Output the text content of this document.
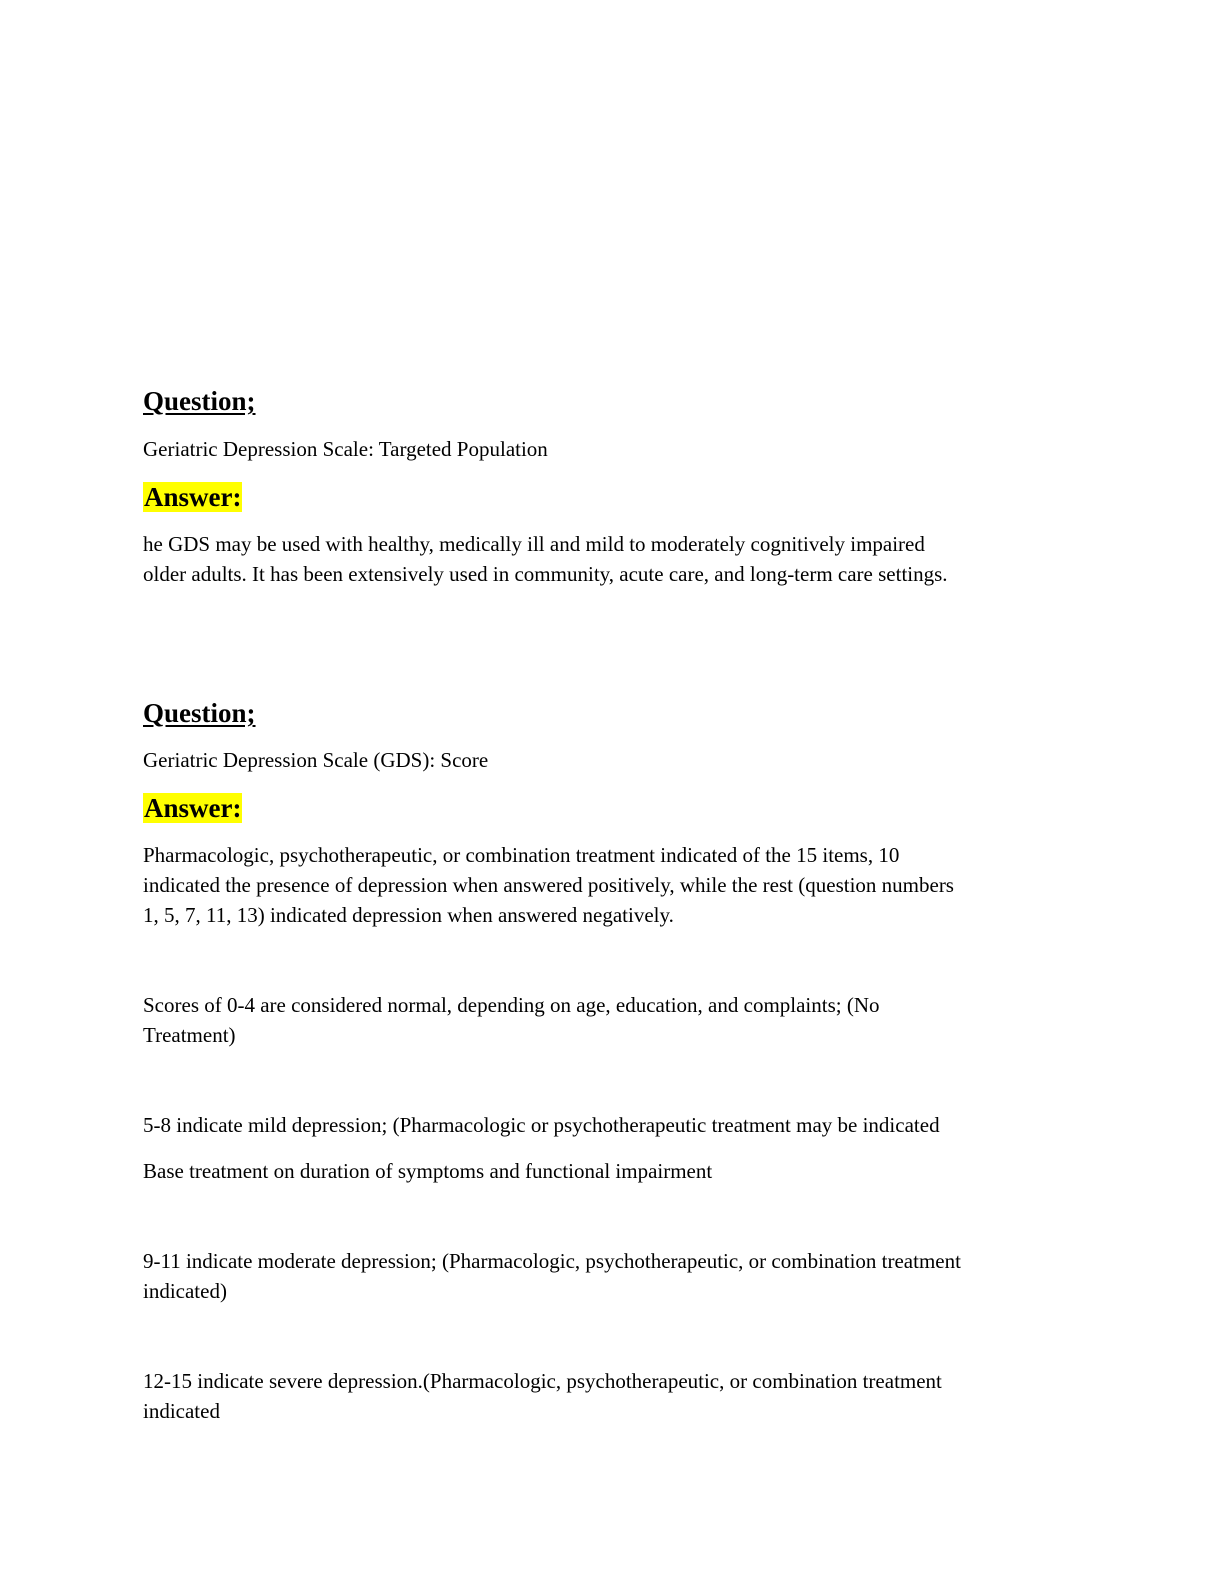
Question;

Geriatric Depression Scale: Targeted Population

Answer:
he GDS may be used with healthy, medically ill and mild to moderately cognitively impaired
older adults. It has been extensively used in community, acute care, and long-term care settings.
Question;

Geriatric Depression Scale (GDS): Score

Answer:
Pharmacologic, psychotherapeutic, or combination treatment indicated of the 15 items, 10
indicated the presence of depression when answered positively, while the rest (question numbers
1, 5, 7, 11, 13) indicated depression when answered negatively.
Scores of 0-4 are considered normal, depending on age, education, and complaints; (No
Treatment)

5-8 indicate mild depression; (Pharmacologic or psychotherapeutic treatment may be indicated

Base treatment on duration of symptoms and functional impairment

9-11 indicate moderate depression; (Pharmacologic, psychotherapeutic, or combination treatment
indicated)
12-15 indicate severe depression.(Pharmacologic, psychotherapeutic, or combination treatment
indicated
